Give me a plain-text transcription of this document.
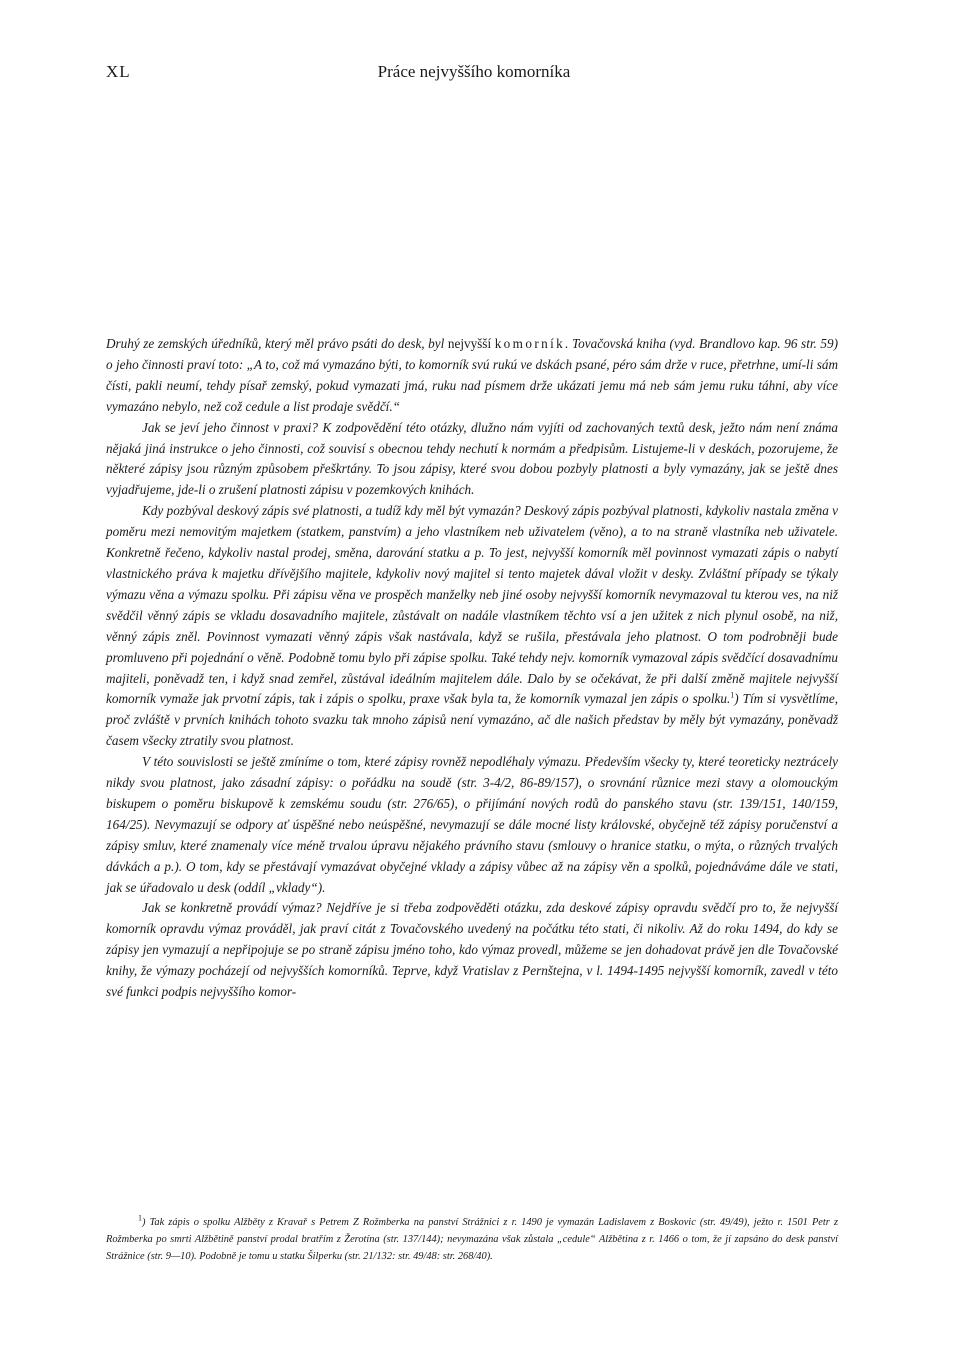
XL	Práce nejvyššího komorníka

Druhý ze zemských úředníků, který měl právo psáti do desk, byl nejvyšší komorník. Tovačovská kniha (vyd. Brandlovo kap. 96 str. 59) o jeho činnosti praví toto: „A to, což má vymazáno býti, to komorník svú rukú ve dskách psané, péro sám drže v ruce, přetrhne, umí-li sám čísti, pakli neumí, tehdy písař zemský, pokud vymazati jmá, ruku nad písmem drže ukázati jemu má neb sám jemu ruku táhni, aby více vymazáno nebylo, než což cedule a list prodaje svědčí.“

Jak se jeví jeho činnost v praxi? K zodpovědění této otázky, dlužno nám vyjíti od zachovaných textů desk, ježto nám není známa nějaká jiná instrukce o jeho činnosti, což souvisí s obecnou tehdy nechutí k normám a předpisům. Listujeme-li v deskách, pozorujeme, že některé zápisy jsou různým způsobem přeškrtány. To jsou zápisy, které svou dobou pozbyly platnosti a byly vymazány, jak se ještě dnes vyjadřujeme, jde-li o zrušení platnosti zápisu v pozemkových knihách.

Kdy pozbýval deskový zápis své platnosti, a tudíž kdy měl být vymazán? Deskový zápis pozbýval platnosti, kdykoliv nastala změna v poměru mezi nemovitým majetkem (statkem, panstvím) a jeho vlastníkem neb uživatelem (věno), a to na straně vlastníka neb uživatele. Konkretně řečeno, kdykoliv nastal prodej, směna, darování statku a p. To jest, nejvyšší komorník měl povinnost vymazati zápis o nabytí vlastnického práva k majetku dřívějšího majitele, kdykoliv nový majitel si tento majetek dával vložit v desky. Zvláštní případy se týkaly výmazu věna a výmazu spolku. Při zápisu věna ve prospěch manželky neb jiné osoby nejvyšší komorník nevymazoval tu kterou ves, na niž svědčil věnný zápis se vkladu dosavadního majitele, zůstávalt on nadále vlastníkem těchto vsí a jen užitek z nich plynul osobě, na niž, věnný zápis zněl. Povinnost vymazati věnný zápis však nastávala, když se rušila, přestávala jeho platnost. O tom podrobněji bude promluveno při pojednání o věně. Podobně tomu bylo při zápise spolku. Také tehdy nejv. komorník vymazoval zápis svědčící dosavadnímu majiteli, poněvadž ten, i když snad zemřel, zůstával ideálním majitelem dále. Dalo by se očekávat, že při další změně majitele nejvyšší komorník vymaže jak prvotní zápis, tak i zápis o spolku, praxe však byla ta, že komorník vymazal jen zápis o spolku.$^1$) Tím si vysvětlíme, proč zvláště v prvních knihách tohoto svazku tak mnoho zápisů není vymazáno, ač dle našich představ by měly být vymazány, poněvadž časem všecky ztratily svou platnost.

V této souvislosti se ještě zmíníme o tom, které zápisy rovněž nepodléhaly výmazu. Především všecky ty, které teoreticky neztrácely nikdy svou platnost, jako zásadní zápisy: o pořádku na soudě (str. 3-4/2, 86-89/157), o srovnání různice mezi stavy a olomouckým biskupem o poměru biskupově k zemskému soudu (str. 276/65), o přijímání nových rodů do panského stavu (str. 139/151, 140/159, 164/25). Nevymazují se odpory ať úspěšné nebo neúspěšné, nevymazují se dále mocné listy královské, obyčejně též zápisy poručenství a zápisy smluv, které znamenaly více méně trvalou úpravu nějakého právního stavu (smlouvy o hranice statku, o mýta, o různých trvalých dávkách a p.). O tom, kdy se přestávají vymazávat obyčejné vklady a zápisy vůbec až na zápisy věn a spolků, pojednáváme dále ve stati, jak se úřadovalo u desk (oddíl „vklady“).

Jak se konkretně provádí výmaz? Nejdříve je si třeba zodpověděti otázku, zda deskové zápisy opravdu svědčí pro to, že nejvyšší komorník opravdu výmaz prováděl, jak praví citát z Tovačovského uvedený na počátku této stati, či nikoliv. Až do roku 1494, do kdy se zápisy jen vymazují a nepřipojuje se po straně zápisu jméno toho, kdo výmaz provedl, můžeme se jen dohadovat právě jen dle Tovačovské knihy, že výmazy pocházejí od nejvyšších komorníků. Teprve, když Vratislav z Pernštejna, v l. 1494-1495 nejvyšší komorník, zavedl v této své funkci podpis nejvyššího komor-

$^1$) Tak zápis o spolku Alžběty z Kravař s Petrem Z Rožmberka na panství Strážnici z r. 1490 je vymazán Ladislavem z Boskovic (str. 49/49), ježto r. 1501 Petr z Rožmberka po smrti Alžbětině panství prodal bratřím z Žerotína (str. 137/144); nevymazána však zůstala „cedule“ Alžbětina z r. 1466 o tom, že jí zapsáno do desk panství Strážnice (str. 9—10). Podobně je tomu u statku Šilperku (str. 21/132: str. 49/48: str. 268/40).
